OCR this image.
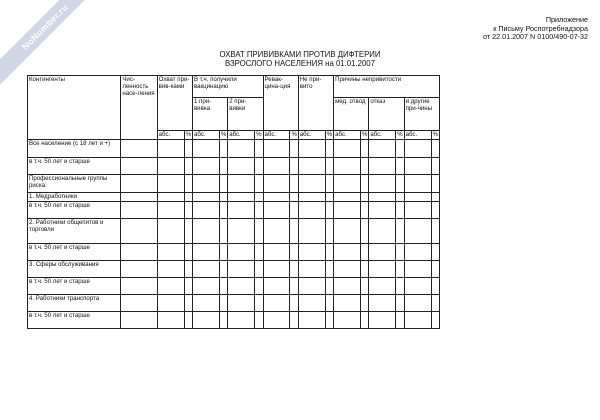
NoNumber.ru	Приложение
к Письму Роспотребнадзора
от 22.01.2007 N 0100/490-07-32
ОХВАТ ПРИВИВКАМИ ПРОТИВ ДИФТЕРИИ
ВЗРОСЛОГО НАСЕЛЕНИЯ на 01.01.2007
Контингенты	Чис-ленность насе-ления	Охват при-вив-ками		В т.ч. получили вакцинацию				Ревак-цина-ция		Не при-вито		Причины непривитости					
				1 при-вивка		2 при-вивки						мед. отвод		отказ		и другие при-чины	
		абс.	%	абс.	%	абс.	%	абс.	%	абс.	%	абс.	%	абс.	%	абс.	%
Все население (с 18 лет и +)																	
в т.ч. 50 лет и старше																	
Профессиональные группы риска:																	
1. Медработники																	
в т.ч. 50 лет и старше																	
2. Работники общепитов и торговли																	
в т.ч. 50 лет и старше																	
3. Сферы обслуживания																	
в т.ч. 50 лет и старше																	
4. Работники транспорта																	
в т.ч. 50 лет и старше																	
